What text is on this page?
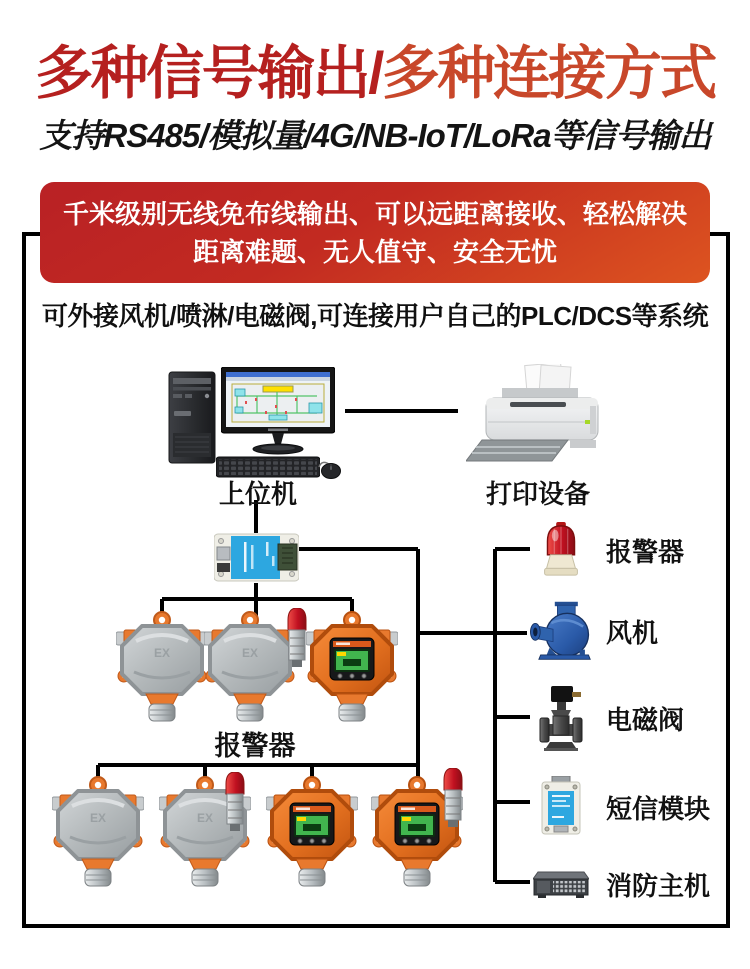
多种信号输出/多种连接方式
支持RS485/模拟量/4G/NB-IoT/LoRa等信号输出
千米级别无线免布线输出、可以远距离接收、轻松解决
距离难题、无人值守、安全无忧
可外接风机/喷淋/电磁阀,可连接用户自己的PLC/DCS等系统
上位机	打印设备
报警器
报警器
风机
电磁阀
短信模块
消防主机
